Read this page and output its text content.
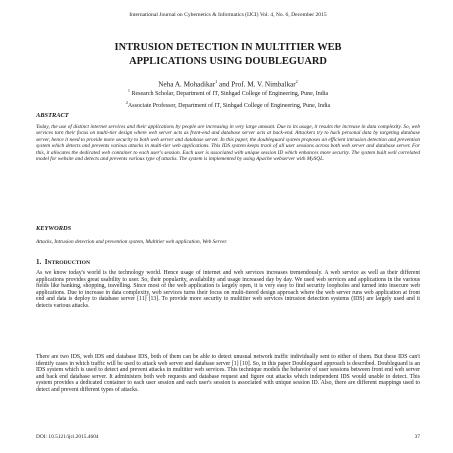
International Journal on Cybernetics & Informatics (IJCI) Vol. 4, No. 6, December 2015
INTRUSION DETECTION IN MULTITIER WEB
APPLICATIONS USING DOUBLEGUARD
Neha A. Mohadikar$^1$ and Prof. M. V. Nimbalkar$^2$
$^1$ Research Scholar, Department of IT, Sinhgad College of Engineering, Pune, India
$^2$Associate Professor, Department of IT, Sinhgad College of Engineering, Pune, India
ABSTRACT
Today, the use of distinct internet services and their applications by people are increasing in very large amount. Due to its usage, it results the increase in data complexity. So, web services turn their focus on multi-tier design where web server acts as front-end and database server acts at back-end. Attackers try to hack personal data by targeting database server, hence it need to provide more security to both web server and database server. In this paper, the doubleguard system proposes an efficient intrusion detection and prevention system which detects and prevents various attacks in multi-tier web applications. This IDS system keeps track of all user sessions across both web server and database server. For this, it allocates the dedicated web container to each user's session. Each user is associated with unique session ID which enhances more security. The system built well correlated model for website and detects and prevents various type of attacks. The system is implemented by using Apache webserver with MySQL.
KEYWORDS
Attacks, Intrusion detection and prevention system, Multitier web application, Web Server.
1. INTRODUCTION
As we know today's world is the technology world. Hence usage of internet and web services increases tremendously. A web service as well as their different applications provides great usability to user. So, their popularity, availability and usage increased day by day. We used web services and applications in the various fields like banking, shopping, travelling. Since most of the web application is largely open, it is very easy to find security loopholes and turned into insecure web applications. Due to increase in data complexity, web services turns their focus on multi-tiered design approach where the web server runs web application at front end and data is deploy to database server [11] [13]. To provide more security to multitier web services intrusion detection systems (IDS) are largely used and it detects various attacks.
There are two IDS, web IDS and database IDS, both of them can be able to detect unusual network traffic individually sent to either of them. But these IDS can't identify cases in which traffic will be used to attack web server and database server [1] [10]. So, in this paper Doubleguard approach is described. Doubleguard is an IDS system which is used to detect and prevent attacks in multitier web services. This technique models the behavior of user sessions between front end web server and back end database server. It administers both web requests and database request and figure out attacks which independent IDS would unable to detect. This system provides a dedicated container to each user session and each user's session is associated with unique session ID. Also, there are different mappings used to detect and prevent different types of attacks.
DOI: 10.5121/ijci.2015.4604	37
